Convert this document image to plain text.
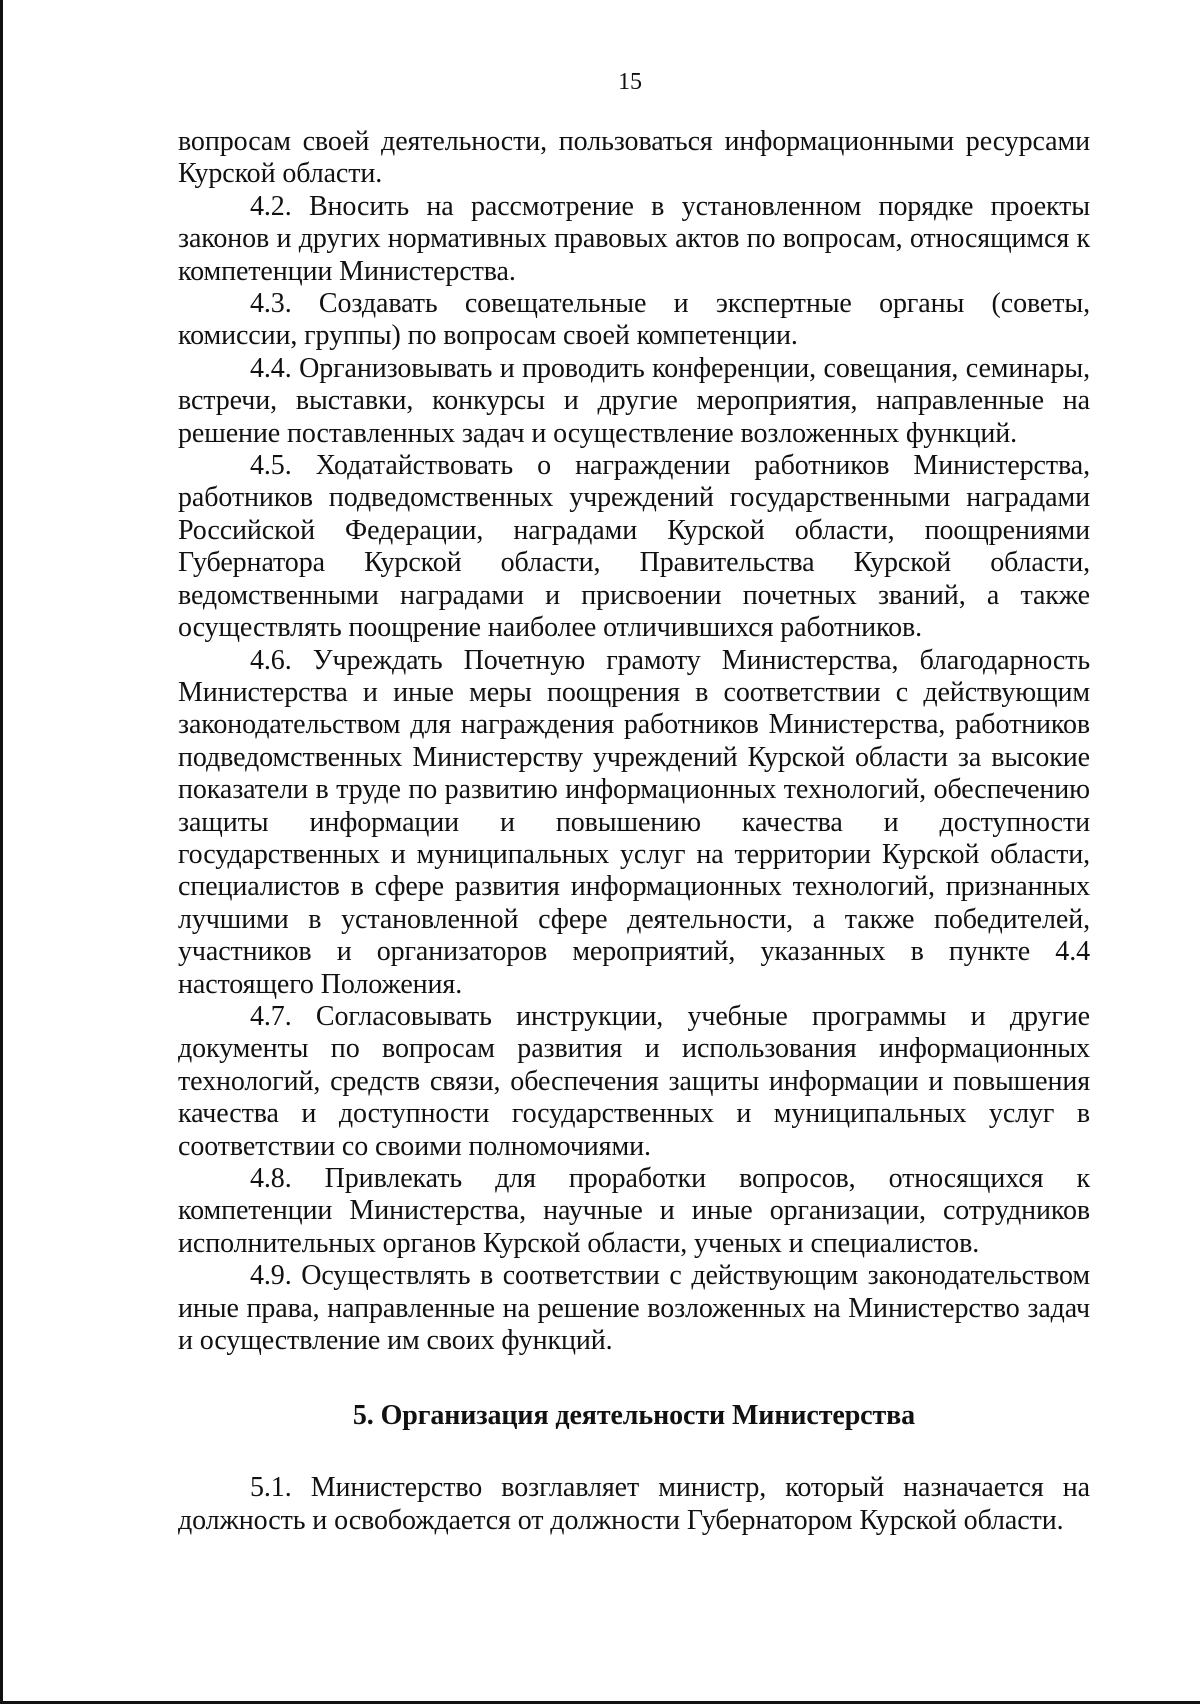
15

вопросам своей деятельности, пользоваться информационными ресурсами Курской области.

4.2. Вносить на рассмотрение в установленном порядке проекты законов и других нормативных правовых актов по вопросам, относящимся к компетенции Министерства.

4.3. Создавать совещательные и экспертные органы (советы, комиссии, группы) по вопросам своей компетенции.

4.4. Организовывать и проводить конференции, совещания, семинары, встречи, выставки, конкурсы и другие мероприятия, направленные на решение поставленных задач и осуществление возложенных функций.

4.5. Ходатайствовать о награждении работников Министерства, работников подведомственных учреждений государственными наградами Российской Федерации, наградами Курской области, поощрениями Губернатора Курской области, Правительства Курской области, ведомственными наградами и присвоении почетных званий, а также осуществлять поощрение наиболее отличившихся работников.

4.6. Учреждать Почетную грамоту Министерства, благодарность Министерства и иные меры поощрения в соответствии с действующим законодательством для награждения работников Министерства, работников подведомственных Министерству учреждений Курской области за высокие показатели в труде по развитию информационных технологий, обеспечению защиты информации и повышению качества и доступности государственных и муниципальных услуг на территории Курской области, специалистов в сфере развития информационных технологий, признанных лучшими в установленной сфере деятельности, а также победителей, участников и организаторов мероприятий, указанных в пункте 4.4 настоящего Положения.

4.7. Согласовывать инструкции, учебные программы и другие документы по вопросам развития и использования информационных технологий, средств связи, обеспечения защиты информации и повышения качества и доступности государственных и муниципальных услуг в соответствии со своими полномочиями.

4.8. Привлекать для проработки вопросов, относящихся к компетенции Министерства, научные и иные организации, сотрудников исполнительных органов Курской области, ученых и специалистов.

4.9. Осуществлять в соответствии с действующим законодательством иные права, направленные на решение возложенных на Министерство задач и осуществление им своих функций.

5. Организация деятельности Министерства

5.1. Министерство возглавляет министр, который назначается на должность и освобождается от должности Губернатором Курской области.
